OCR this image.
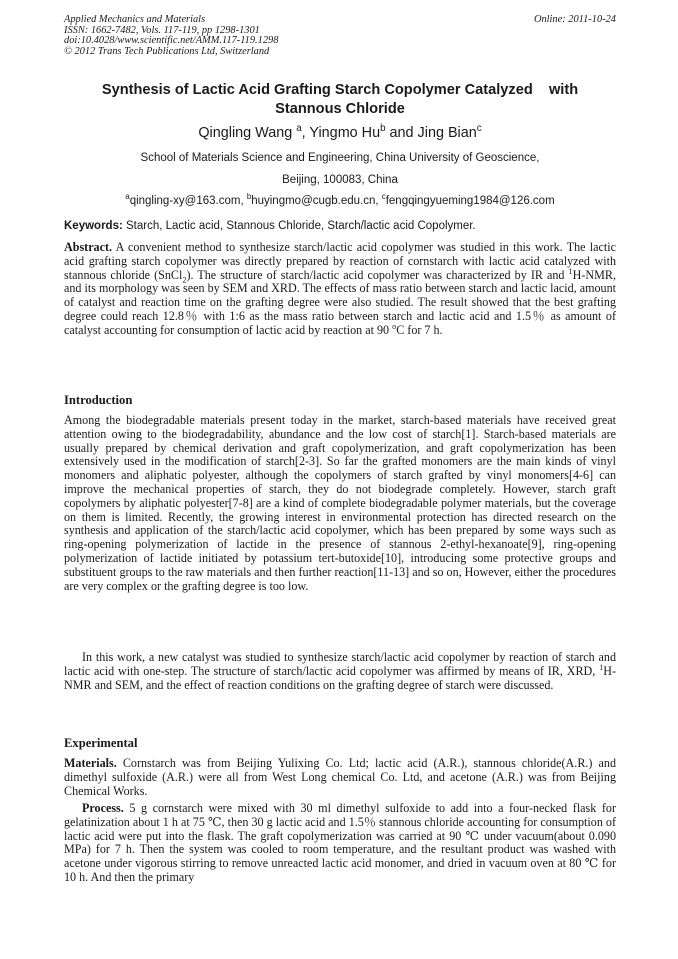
Applied Mechanics and Materials
ISSN: 1662-7482, Vols. 117-119, pp 1298-1301
doi:10.4028/www.scientific.net/AMM.117-119.1298
© 2012 Trans Tech Publications Ltd, Switzerland
Online: 2011-10-24
Synthesis of Lactic Acid Grafting Starch Copolymer Catalyzed    with
Stannous Chloride
Qingling Wang $^a$, Yingmo Hu$^b$ and Jing Bian$^c$
School of Materials Science and Engineering, China University of Geoscience,
Beijing, 100083, China
$^a$qingling-xy@163.com, $^b$huyingmo@cugb.edu.cn, $^c$fengqingyueming1984@126.com
Keywords: Starch, Lactic acid, Stannous Chloride, Starch/lactic acid Copolymer.
Abstract. A convenient method to synthesize starch/lactic acid copolymer was studied in this work. The lactic acid grafting starch copolymer was directly prepared by reaction of cornstarch with lactic acid catalyzed with stannous chloride (SnCl$_2$). The structure of starch/lactic acid copolymer was characterized by IR and $^1$H-NMR, and its morphology was seen by SEM and XRD. The effects of mass ratio between starch and lactic lacid, amount of catalyst and reaction time on the grafting degree were also studied. The result showed that the best grafting degree could reach 12.8％ with 1:6 as the mass ratio between starch and lactic acid and 1.5％ as amount of catalyst accounting for consumption of lactic acid by reaction at 90 $^o$C for 7 h.
Introduction
Among the biodegradable materials present today in the market, starch-based materials have received great attention owing to the biodegradability, abundance and the low cost of starch[1]. Starch-based materials are usually prepared by chemical derivation and graft copolymerization, and graft copolymerization has been extensively used in the modification of starch[2-3]. So far the grafted monomers are the main kinds of vinyl monomers and aliphatic polyester, although the copolymers of starch grafted by vinyl monomers[4-6] can improve the mechanical properties of starch, they do not biodegrade completely. However, starch graft copolymers by aliphatic polyester[7-8] are a kind of complete biodegradable polymer materials, but the coverage on them is limited. Recently, the growing interest in environmental protection has directed research on the synthesis and application of the starch/lactic acid copolymer, which has been prepared by some ways such as ring-opening polymerization of lactide in the presence of stannous 2-ethyl-hexanoate[9], ring-opening polymerization of lactide initiated by potassium tert-butoxide[10], introducing some protective groups and substituent groups to the raw materials and then further reaction[11-13] and so on, However, either the procedures are very complex or the grafting degree is too low.
In this work, a new catalyst was studied to synthesize starch/lactic acid copolymer by reaction of starch and lactic acid with one-step. The structure of starch/lactic acid copolymer was affirmed by means of IR, XRD, $^1$H-NMR and SEM, and the effect of reaction conditions on the grafting degree of starch were discussed.
Experimental
Materials. Cornstarch was from Beijing Yulixing Co. Ltd; lactic acid (A.R.), stannous chloride(A.R.) and dimethyl sulfoxide (A.R.) were all from West Long chemical Co. Ltd, and acetone (A.R.) was from Beijing Chemical Works.
Process. 5 g cornstarch were mixed with 30 ml dimethyl sulfoxide to add into a four-necked flask for gelatinization about 1 h at 75 ℃, then 30 g lactic acid and 1.5％ stannous chloride accounting for consumption of lactic acid were put into the flask. The graft copolymerization was carried at 90 ℃ under vacuum(about 0.090 MPa) for 7 h. Then the system was cooled to room temperature, and the resultant product was washed with acetone under vigorous stirring to remove unreacted lactic acid monomer, and dried in vacuum oven at 80 ℃ for 10 h. And then the primary
